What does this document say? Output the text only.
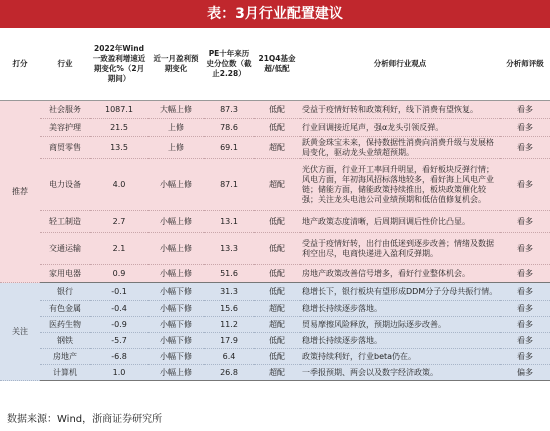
表：3月行业配置建议
打分	行业	2022年Wind一致盈利增速近期变化%（2月期间）	近一月盈利预期变化	PE十年来历史分位数（截止2.28）	21Q4基金超/低配	分析师行业观点	分析师评级
推荐	社会服务	1087.1	大幅上修	87.3	低配	受益于疫情好转和政策利好，线下消费有望恢复。	看多
	美容护理	21.5	上修	78.6	低配	行业回调接近尾声，强α龙头引领反弹。	看多
	商贸零售	13.5	上修	69.1	超配	跃黄金珠宝未来，保持数据性消费向消费升级与发展格局变化，驱动龙头业绩超预期。	看多
	电力设备	4.0	小幅上修	87.1	超配	光伏方面，行业开工率回升明显，看好板块反弹行情；风电方面，年初海风招标落地较多，看好海上风电产业链；储能方面，储能政策持续推出，板块政策催化较强；关注龙头电池公司业绩预期和低估值修复机会。	看多
	轻工制造	2.7	小幅上修	13.1	低配	地产政策态度清晰，后周期回调后性价比凸显。	看多
	交通运输	2.1	小幅上修	13.3	低配	受益于疫情好转，出行由低迷到逐步改善；情绪及数据利空出尽，电商快递进入盈利反弹期。	看多
	家用电器	0.9	小幅上修	51.6	低配	房地产政策改善信号增多，看好行业整体机会。	看多
关注	银行	-0.1	小幅下修	31.3	低配	稳增长下，银行板块有望形成DDM分子分母共振行情。	看多
	有色金属	-0.4	小幅下修	15.6	超配	稳增长持续逐步落地。	看多
	医药生物	-0.9	小幅下修	11.2	超配	贸易摩擦风险释放，预期边际逐步改善。	看多
	钢铁	-5.7	小幅下修	17.9	低配	稳增长持续逐步落地。	看多
	房地产	-6.8	小幅下修	6.4	低配	政策持续利好，行业beta仍在。	看多
	计算机	1.0	小幅上修	26.8	超配	一季报预期、两会以及数字经济政策。	偏多
数据来源：Wind，浙商证券研究所
